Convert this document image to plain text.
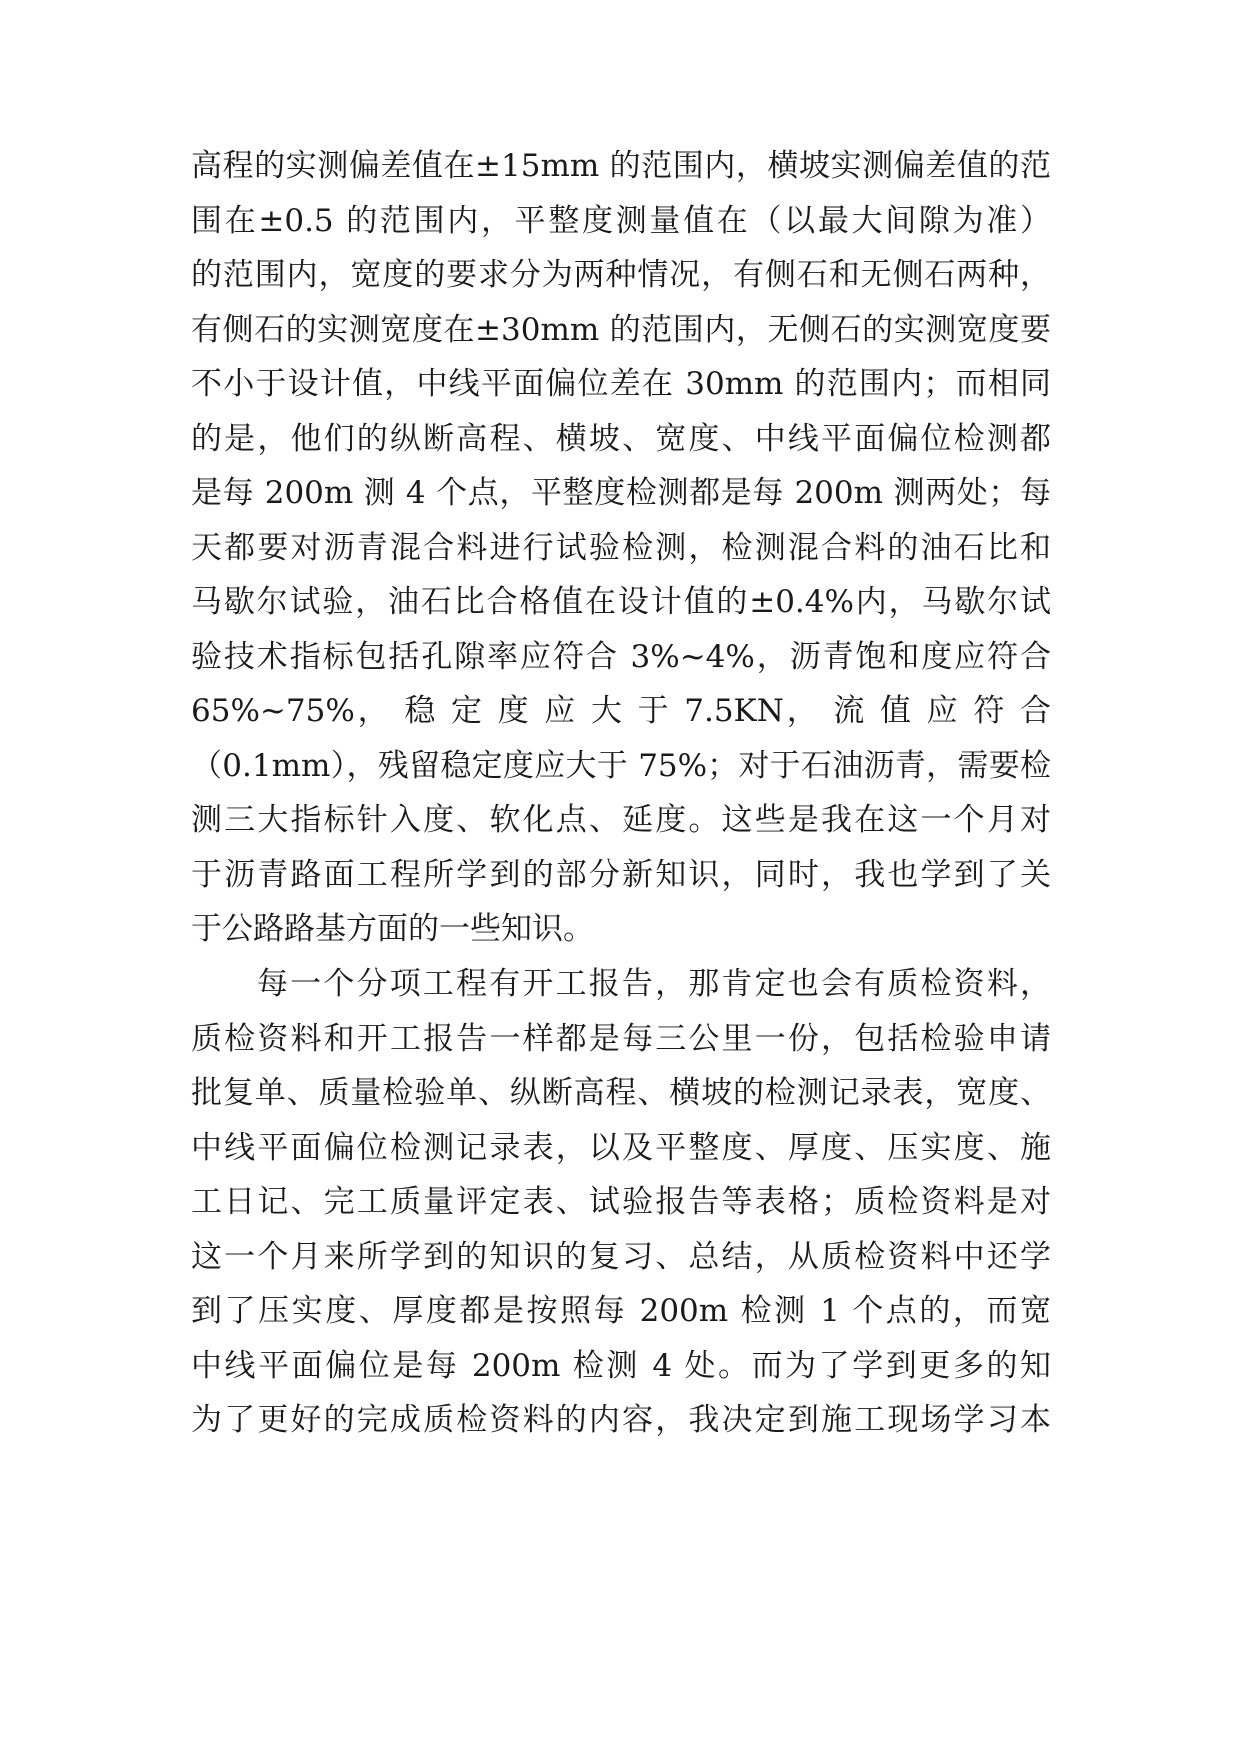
高程的实测偏差值在±15mm 的范围内，横坡实测偏差值的范
围在±0.5 的范围内，平整度测量值在（以最大间隙为准）
的范围内，宽度的要求分为两种情况，有侧石和无侧石两种，
有侧石的实测宽度在±30mm 的范围内，无侧石的实测宽度要
不小于设计值，中线平面偏位差在 30mm 的范围内；而相同
的是，他们的纵断高程、横坡、宽度、中线平面偏位检测都
是每 200m 测 4 个点，平整度检测都是每 200m 测两处；每
天都要对沥青混合料进行试验检测，检测混合料的油石比和
马歇尔试验，油石比合格值在设计值的±0.4%内，马歇尔试
验技术指标包括孔隙率应符合 3%~4%，沥青饱和度应符合
65%~75%， 稳 定 度 应 大 于 7.5KN， 流 值 应 符 合
（0.1mm），残留稳定度应大于 75%；对于石油沥青，需要检
测三大指标针入度、软化点、延度。这些是我在这一个月对
于沥青路面工程所学到的部分新知识，同时，我也学到了关
于公路路基方面的一些知识。
每一个分项工程有开工报告，那肯定也会有质检资料，
质检资料和开工报告一样都是每三公里一份，包括检验申请
批复单、质量检验单、纵断高程、横坡的检测记录表，宽度、
中线平面偏位检测记录表，以及平整度、厚度、压实度、施
工日记、完工质量评定表、试验报告等表格；质检资料是对
这一个月来所学到的知识的复习、总结，从质检资料中还学
到了压实度、厚度都是按照每 200m 检测 1 个点的，而宽
中线平面偏位是每 200m 检测 4 处。而为了学到更多的知
为了更好的完成质检资料的内容，我决定到施工现场学习本
